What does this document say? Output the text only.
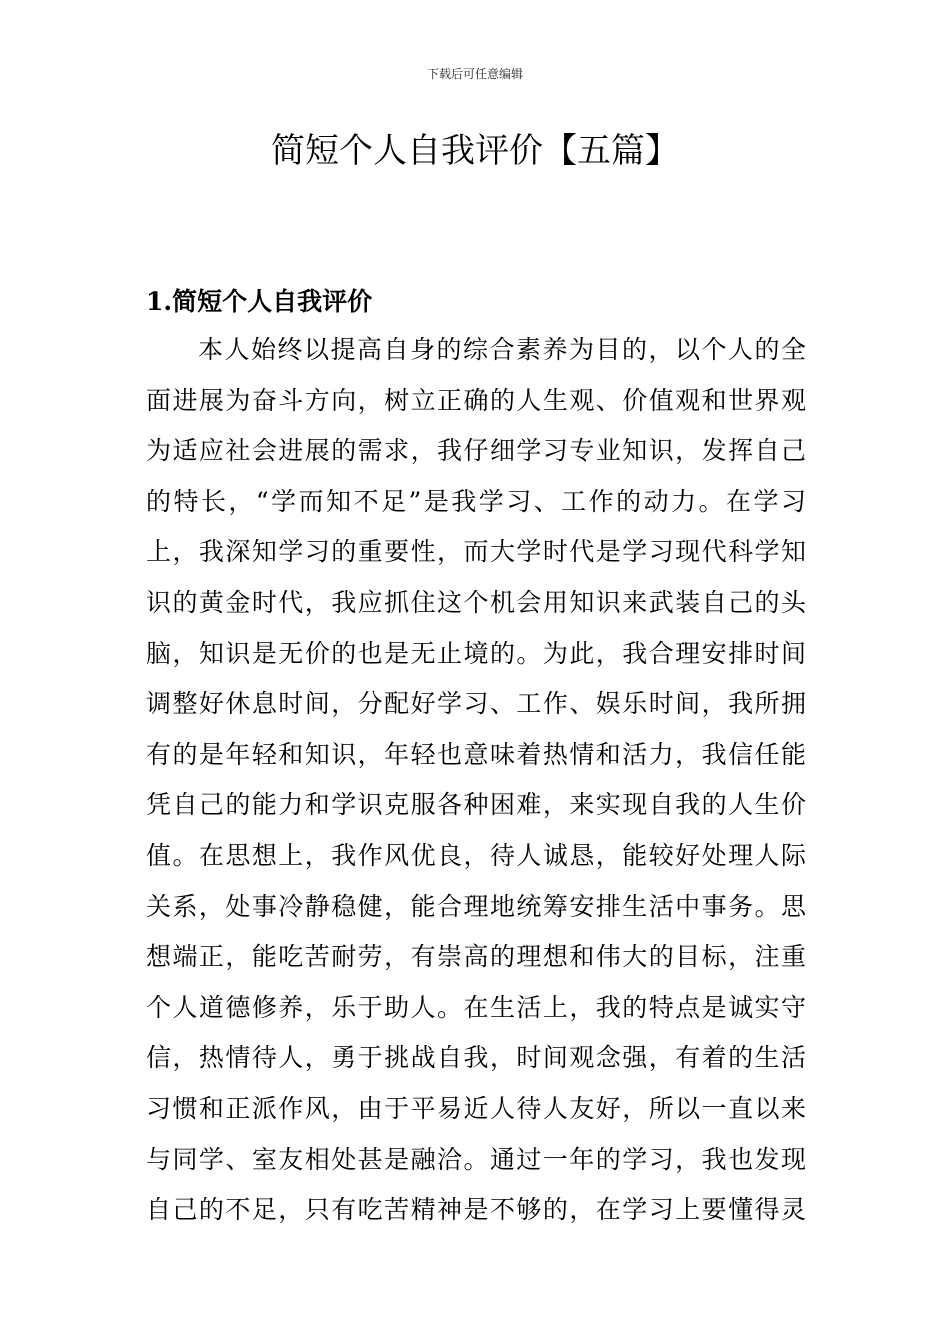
下载后可任意编辑
简短个人自我评价【五篇】
1.简短个人自我评价
本人始终以提高自身的综合素养为目的，以个人的全
面进展为奋斗方向，树立正确的人生观、价值观和世界观
为适应社会进展的需求，我仔细学习专业知识，发挥自己
的特长，“学而知不足”是我学习、工作的动力。在学习
上，我深知学习的重要性，而大学时代是学习现代科学知
识的黄金时代，我应抓住这个机会用知识来武装自己的头
脑，知识是无价的也是无止境的。为此，我合理安排时间
调整好休息时间，分配好学习、工作、娱乐时间，我所拥
有的是年轻和知识，年轻也意味着热情和活力，我信任能
凭自己的能力和学识克服各种困难，来实现自我的人生价
值。在思想上，我作风优良，待人诚恳，能较好处理人际
关系，处事冷静稳健，能合理地统筹安排生活中事务。思
想端正，能吃苦耐劳，有崇高的理想和伟大的目标，注重
个人道德修养，乐于助人。在生活上，我的特点是诚实守
信，热情待人，勇于挑战自我，时间观念强，有着的生活
习惯和正派作风，由于平易近人待人友好，所以一直以来
与同学、室友相处甚是融洽。通过一年的学习，我也发现
自己的不足，只有吃苦精神是不够的，在学习上要懂得灵
